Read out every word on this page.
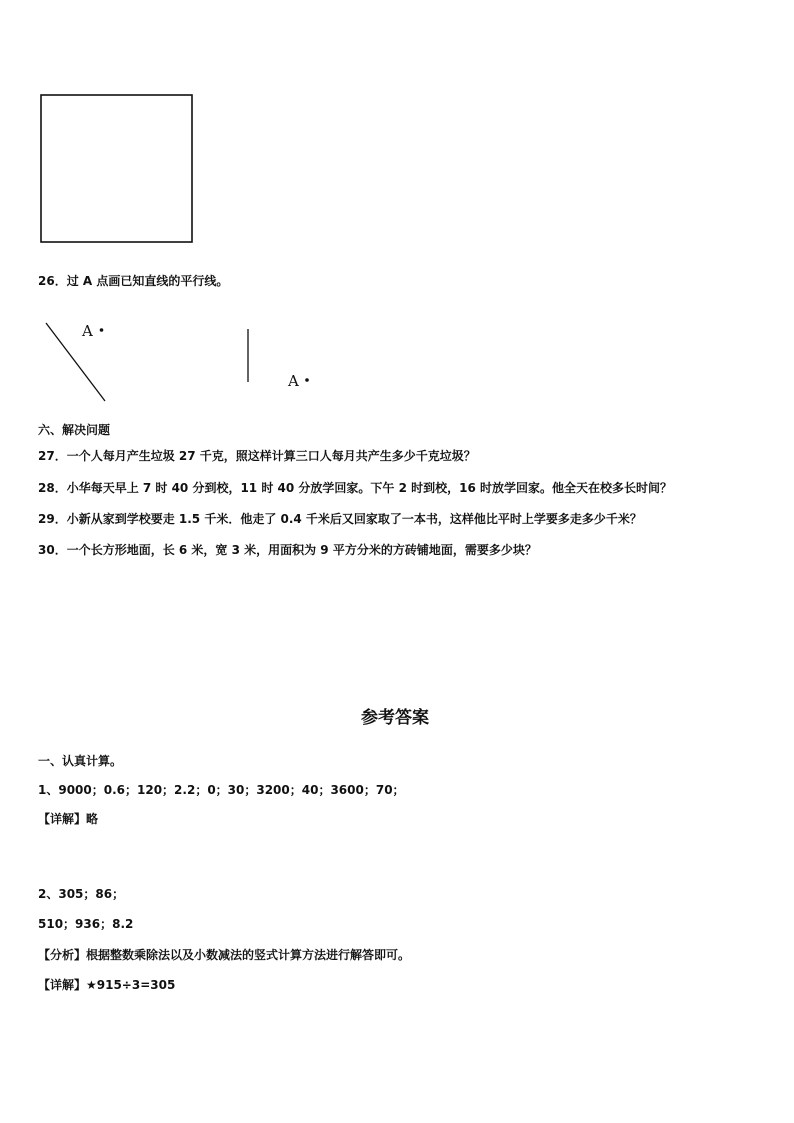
A
A
26．过 A 点画已知直线的平行线。
六、解决问题
27．一个人每月产生垃圾 27 千克，照这样计算三口人每月共产生多少千克垃圾？
28．小华每天早上 7 时 40 分到校，11 时 40 分放学回家。下午 2 时到校，16 时放学回家。他全天在校多长时间？
29．小新从家到学校要走 1.5 千米．他走了 0.4 千米后又回家取了一本书，这样他比平时上学要多走多少千米？
30．一个长方形地面，长 6 米，宽 3 米，用面积为 9 平方分米的方砖铺地面，需要多少块？
参考答案
一、认真计算。
1、9000；0.6；120；2.2；0；30；3200；40；3600；70；
【详解】略
2、305；86；
510；936；8.2
【分析】根据整数乘除法以及小数减法的竖式计算方法进行解答即可。
【详解】★915÷3=305
